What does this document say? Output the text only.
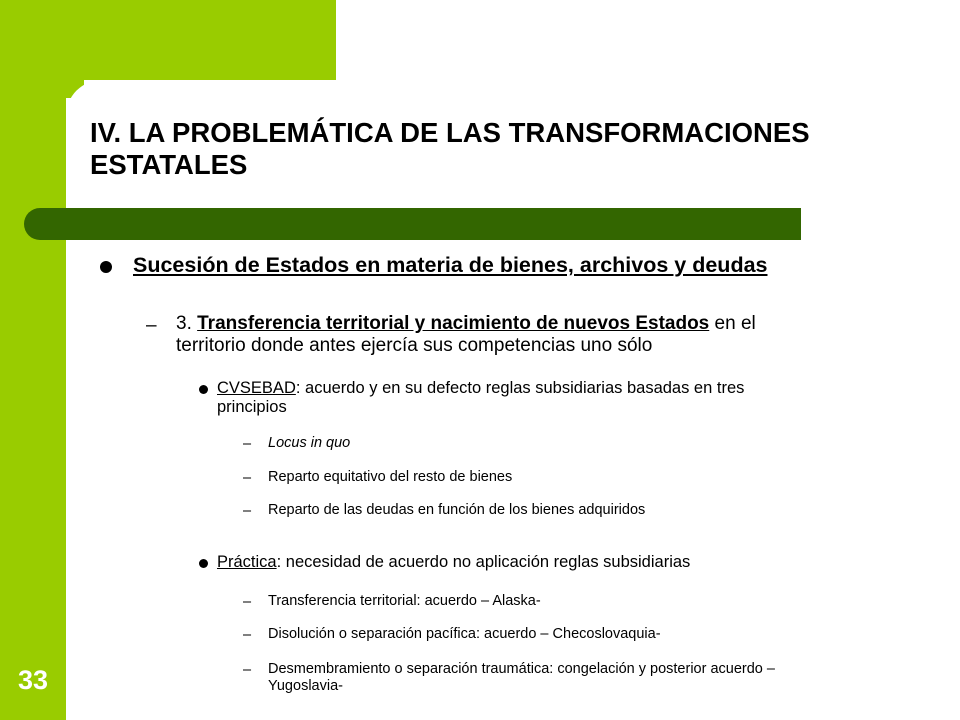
IV. LA PROBLEMÁTICA DE LAS TRANSFORMACIONES
ESTATALES
33
Sucesión de Estados en materia de bienes, archivos y deudas
– 3. Transferencia territorial y nacimiento de nuevos Estados en el
territorio donde antes ejercía sus competencias uno sólo
CVSEBAD: acuerdo y en su defecto reglas subsidiarias basadas en tres
principios
– Locus in quo
– Reparto equitativo del resto de bienes
– Reparto de las deudas en función de los bienes adquiridos
Práctica: necesidad de acuerdo no aplicación reglas subsidiarias
– Transferencia territorial: acuerdo – Alaska-
– Disolución o separación pacífica: acuerdo – Checoslovaquia-
– Desmembramiento o separación traumática: congelación y posterior acuerdo –
Yugoslavia-
